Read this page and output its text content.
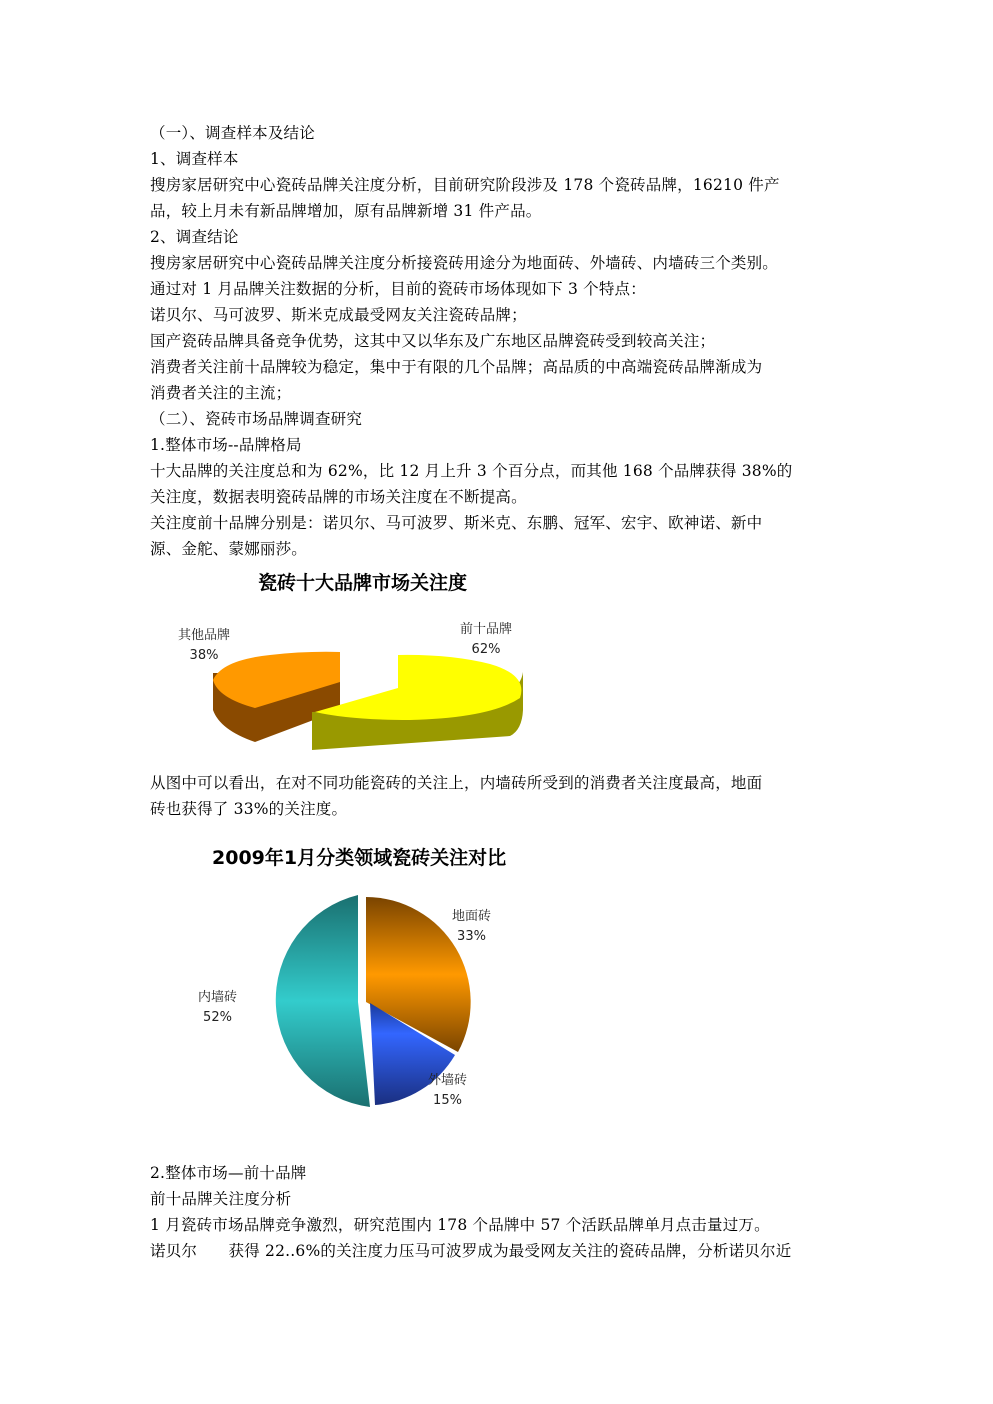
（一）、调查样本及结论
1、调查样本
搜房家居研究中心瓷砖品牌关注度分析，目前研究阶段涉及 178 个瓷砖品牌，16210 件产
品，较上月未有新品牌增加，原有品牌新增 31 件产品。
2、调查结论
搜房家居研究中心瓷砖品牌关注度分析接瓷砖用途分为地面砖、外墙砖、内墙砖三个类别。
通过对 1 月品牌关注数据的分析，目前的瓷砖市场体现如下 3 个特点：
诺贝尔、马可波罗、斯米克成最受网友关注瓷砖品牌；
国产瓷砖品牌具备竞争优势，这其中又以华东及广东地区品牌瓷砖受到较高关注；
消费者关注前十品牌较为稳定，集中于有限的几个品牌；高品质的中高端瓷砖品牌渐成为
消费者关注的主流；
（二）、瓷砖市场品牌调查研究
1.整体市场--品牌格局
十大品牌的关注度总和为 62%，比 12 月上升 3 个百分点，而其他 168 个品牌获得 38%的
关注度，数据表明瓷砖品牌的市场关注度在不断提高。
关注度前十品牌分别是：诺贝尔、马可波罗、斯米克、东鹏、冠军、宏宇、欧神诺、新中
源、金舵、蒙娜丽莎。
瓷砖十大品牌市场关注度
其他品牌
38%
前十品牌
62%
从图中可以看出，在对不同功能瓷砖的关注上，内墙砖所受到的消费者关注度最高，地面
砖也获得了 33%的关注度。
2009年1月分类领域瓷砖关注对比
地面砖
33%
外墙砖
15%
内墙砖
52%
2.整体市场—前十品牌
前十品牌关注度分析
1 月瓷砖市场品牌竞争激烈，研究范围内 178 个品牌中 57 个活跃品牌单月点击量过万。
诺贝尔　　获得 22..6%的关注度力压马可波罗成为最受网友关注的瓷砖品牌，分析诺贝尔近
